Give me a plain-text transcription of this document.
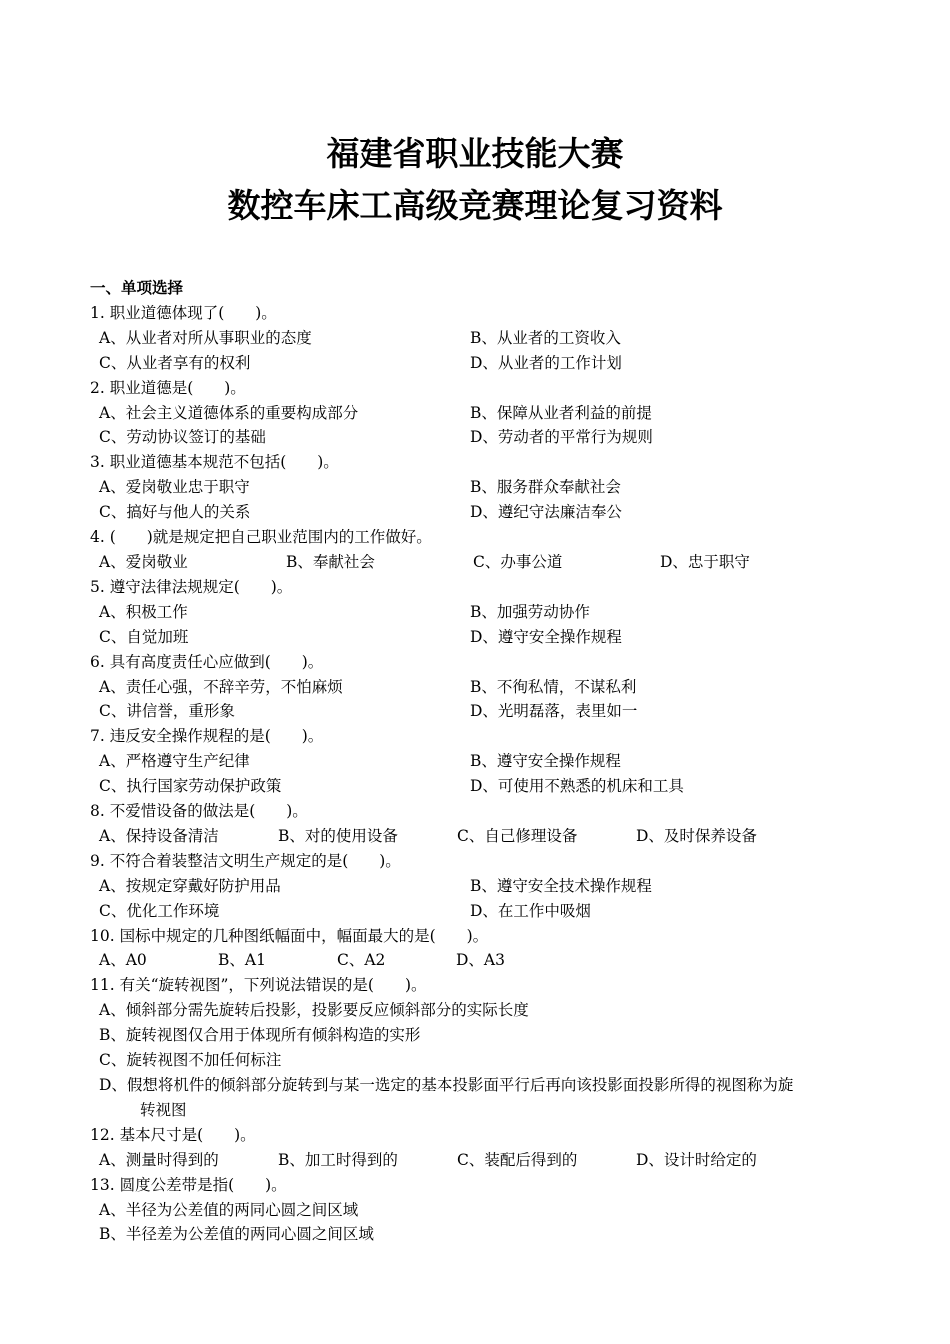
福建省职业技能大赛
数控车床工高级竞赛理论复习资料
一、单项选择
1. 职业道德体现了(　　)。
A、从业者对所从事职业的态度	B、从业者的工资收入
C、从业者享有的权利	D、从业者的工作计划
2. 职业道德是(　　)。
A、社会主义道德体系的重要构成部分	B、保障从业者利益的前提
C、劳动协议签订的基础	D、劳动者的平常行为规则
3. 职业道德基本规范不包括(　　)。
A、爱岗敬业忠于职守	B、服务群众奉献社会
C、搞好与他人的关系	D、遵纪守法廉洁奉公
4. (　　)就是规定把自己职业范围内的工作做好。
A、爱岗敬业	B、奉献社会	C、办事公道	D、忠于职守
5. 遵守法律法规规定(　　)。
A、积极工作	B、加强劳动协作
C、自觉加班	D、遵守安全操作规程
6. 具有高度责任心应做到(　　)。
A、责任心强，不辞辛劳，不怕麻烦	B、不徇私情，不谋私利
C、讲信誉，重形象	D、光明磊落，表里如一
7. 违反安全操作规程的是(　　)。
A、严格遵守生产纪律	B、遵守安全操作规程
C、执行国家劳动保护政策	D、可使用不熟悉的机床和工具
8. 不爱惜设备的做法是(　　)。
A、保持设备清洁	B、对的使用设备	C、自己修理设备	D、及时保养设备
9. 不符合着装整洁文明生产规定的是(　　)。
A、按规定穿戴好防护用品	B、遵守安全技术操作规程
C、优化工作环境	D、在工作中吸烟
10. 国标中规定的几种图纸幅面中，幅面最大的是(　　)。
A、A0	B、A1	C、A2	D、A3
11. 有关“旋转视图”，下列说法错误的是(　　)。
A、倾斜部分需先旋转后投影，投影要反应倾斜部分的实际长度
B、旋转视图仅合用于体现所有倾斜构造的实形
C、旋转视图不加任何标注
D、假想将机件的倾斜部分旋转到与某一选定的基本投影面平行后再向该投影面投影所得的视图称为旋
转视图
12. 基本尺寸是(　　)。
A、测量时得到的	B、加工时得到的	C、装配后得到的	D、设计时给定的
13. 圆度公差带是指(　　)。
A、半径为公差值的两同心圆之间区域
B、半径差为公差值的两同心圆之间区域
